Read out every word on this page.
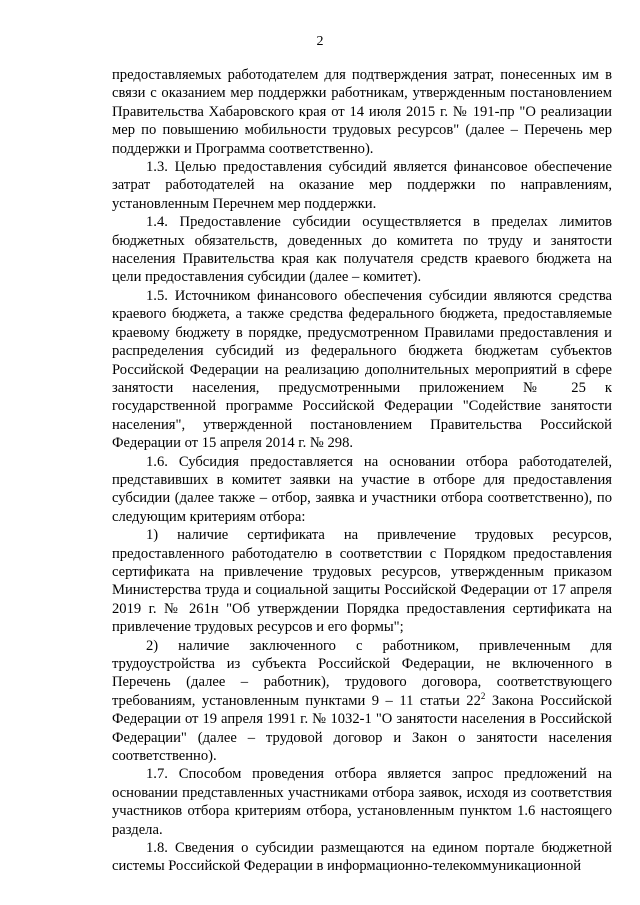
2

предоставляемых работодателем для подтверждения затрат, понесенных им в связи с оказанием мер поддержки работникам, утвержденным постановлением Правительства Хабаровского края от 14 июля 2015 г. № 191-пр "О реализации мер по повышению мобильности трудовых ресурсов" (далее – Перечень мер поддержки и Программа соответственно).

1.3. Целью предоставления субсидий является финансовое обеспечение затрат работодателей на оказание мер поддержки по направлениям, установленным Перечнем мер поддержки.

1.4. Предоставление субсидии осуществляется в пределах лимитов бюджетных обязательств, доведенных до комитета по труду и занятости населения Правительства края как получателя средств краевого бюджета на цели предоставления субсидии (далее – комитет).

1.5. Источником финансового обеспечения субсидии являются средства краевого бюджета, а также средства федерального бюджета, предоставляемые краевому бюджету в порядке, предусмотренном Правилами предоставления и распределения субсидий из федерального бюджета бюджетам субъектов Российской Федерации на реализацию дополнительных мероприятий в сфере занятости населения, предусмотренными приложением № 25 к государственной программе Российской Федерации "Содействие занятости населения", утвержденной постановлением Правительства Российской Федерации от 15 апреля 2014 г. № 298.

1.6. Субсидия предоставляется на основании отбора работодателей, представивших в комитет заявки на участие в отборе для предоставления субсидии (далее также – отбор, заявка и участники отбора соответственно), по следующим критериям отбора:

1) наличие сертификата на привлечение трудовых ресурсов, предоставленного работодателю в соответствии с Порядком предоставления сертификата на привлечение трудовых ресурсов, утвержденным приказом Министерства труда и социальной защиты Российской Федерации от 17 апреля 2019 г. № 261н "Об утверждении Порядка предоставления сертификата на привлечение трудовых ресурсов и его формы";

2) наличие заключенного с работником, привлеченным для трудоустройства из субъекта Российской Федерации, не включенного в Перечень (далее – работник), трудового договора, соответствующего требованиям, установленным пунктами 9 – 11 статьи $22^2$ Закона Российской Федерации от 19 апреля 1991 г. № 1032-1 "О занятости населения в Российской Федерации" (далее – трудовой договор и Закон о занятости населения соответственно).

1.7. Способом проведения отбора является запрос предложений на основании представленных участниками отбора заявок, исходя из соответствия участников отбора критериям отбора, установленным пунктом 1.6 настоящего раздела.

1.8. Сведения о субсидии размещаются на едином портале бюджетной системы Российской Федерации в информационно-телекоммуникационной
